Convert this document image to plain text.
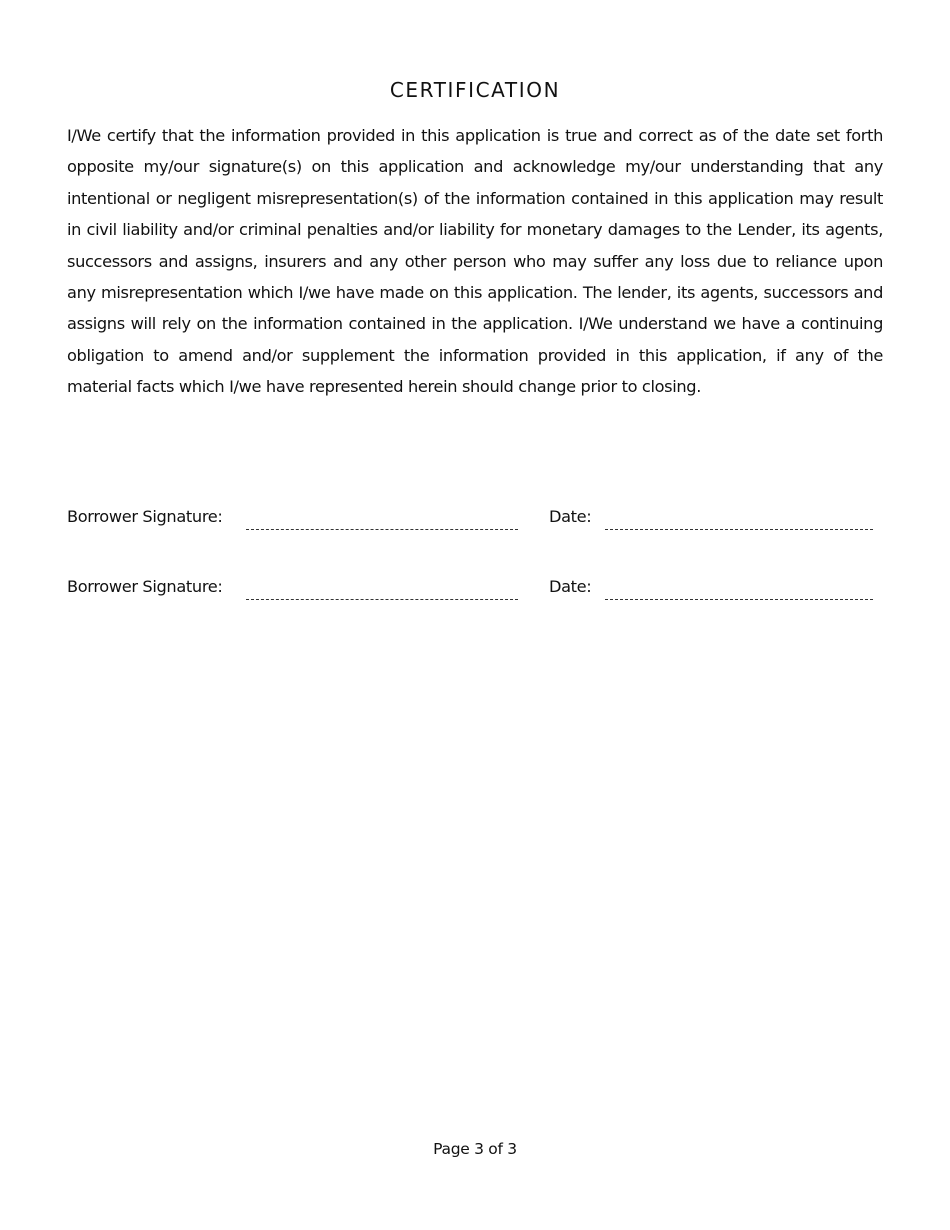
CERTIFICATION
I/We certify that the information provided in this application is true and correct as of the date set forth opposite my/our signature(s) on this application and acknowledge my/our understanding that any intentional or negligent misrepresentation(s) of the information contained in this application may result in civil liability and/or criminal penalties and/or liability for monetary damages to the Lender, its agents, successors and assigns, insurers and any other person who may suffer any loss due to reliance upon any misrepresentation which I/we have made on this application. The lender, its agents, successors and assigns will rely on the information contained in the application. I/We understand we have a continuing obligation to amend and/or supplement the information provided in this application, if any of the material facts which I/we have represented herein should change prior to closing.
Borrower Signature:	Date:
Borrower Signature:	Date:
Page 3 of 3
